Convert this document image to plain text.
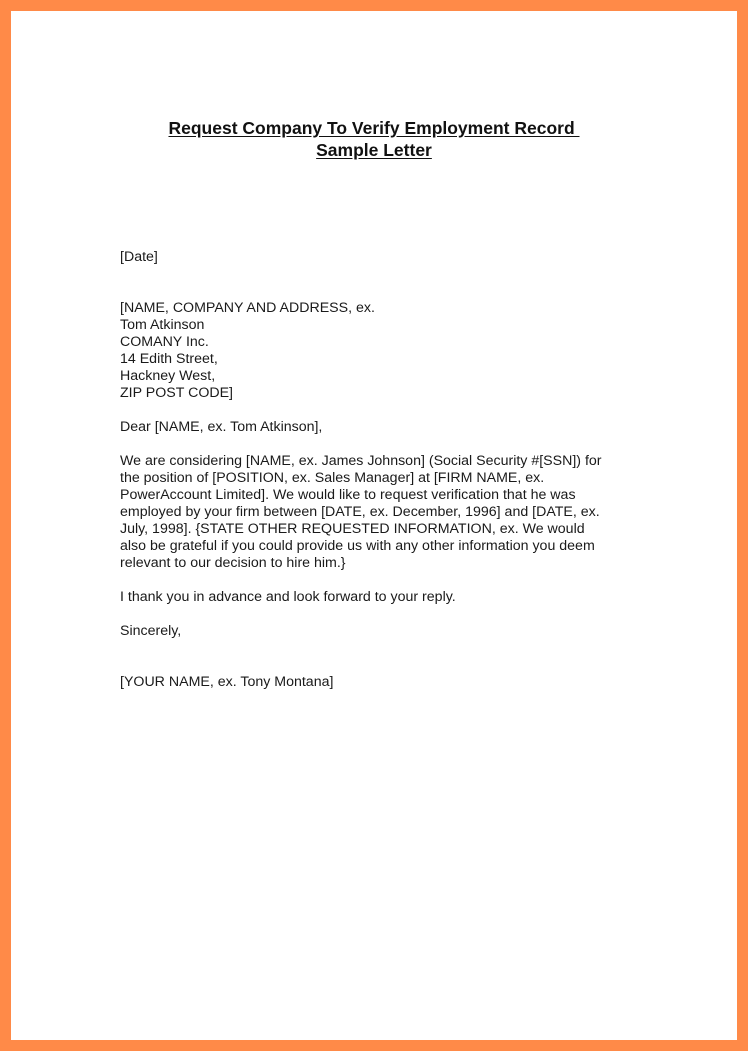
Request Company To Verify Employment Record
Sample Letter
[Date]
[NAME, COMPANY AND ADDRESS, ex.
Tom Atkinson
COMANY Inc.
14 Edith Street,
Hackney West,
ZIP POST CODE]
Dear [NAME, ex. Tom Atkinson],
We are considering [NAME, ex. James Johnson] (Social Security #[SSN]) for
the position of [POSITION, ex. Sales Manager] at [FIRM NAME, ex.
PowerAccount Limited]. We would like to request verification that he was
employed by your firm between [DATE, ex. December, 1996] and [DATE, ex.
July, 1998]. {STATE OTHER REQUESTED INFORMATION, ex. We would
also be grateful if you could provide us with any other information you deem
relevant to our decision to hire him.}
I thank you in advance and look forward to your reply.
Sincerely,
[YOUR NAME, ex. Tony Montana]
